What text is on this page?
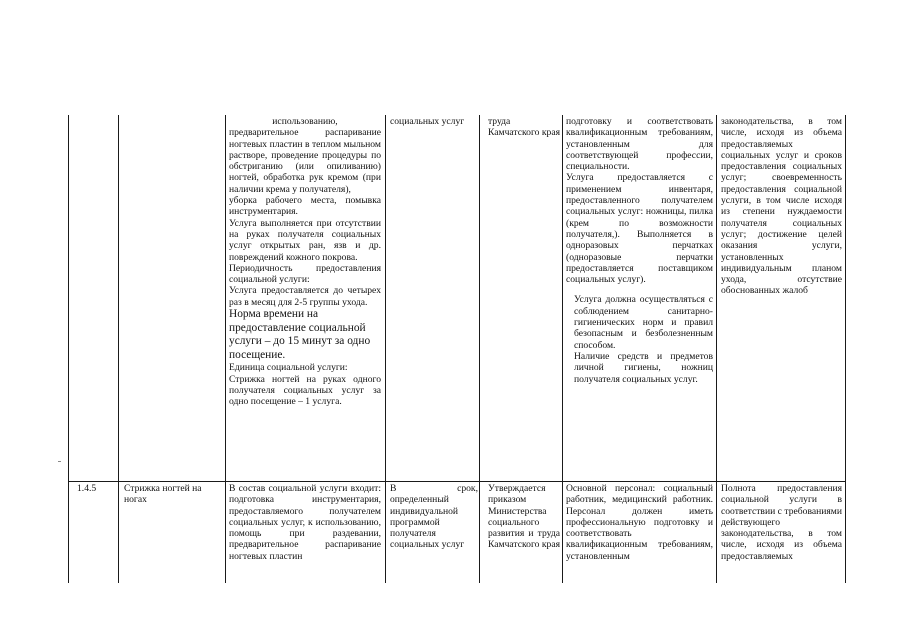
использованию,
предварительное распаривание ногтевых пластин в теплом мыльном растворе, проведение процедуры по обстриганию (или опиливанию) ногтей, обработка рук кремом (при наличии крема у получателя),
уборка рабочего места, помывка инструментария.
Услуга выполняется при отсутствии на руках получателя социальных услуг открытых ран, язв и др. повреждений кожного покрова.
Периодичность предоставления социальной услуги:
Услуга предоставляется до четырех раз в месяц для 2-5 группы ухода.
Норма времени на предоставление социальной услуги – до 15 минут за одно посещение.
Единица социальной услуги:
Стрижка ногтей на руках одного получателя социальных услуг за одно посещение – 1 услуга.
социальных услуг	труда Камчатского края
подготовку и соответствовать квалификационным требованиям, установленным для соответствующей профессии, специальности.
Услуга предоставляется с применением инвентаря, предоставленного получателем социальных услуг: ножницы, пилка (крем по возможности получателя,). Выполняется в одноразовых перчатках (одноразовые перчатки предоставляется поставщиком социальных услуг).
Услуга должна осуществляться с соблюдением санитарно-гигиенических норм и правил безопасным и безболезненным способом.
Наличие средств и предметов личной гигиены, ножниц получателя социальных услуг.
законодательства, в том числе, исходя из объема предоставляемых социальных услуг и сроков предоставления социальных услуг; своевременность предоставления социальной услуги, в том числе исходя из степени нуждаемости получателя социальных услуг; достижение целей оказания услуги, установленных индивидуальным планом ухода, отсутствие обоснованных жалоб
1.4.5	Стрижка ногтей на ногах
В состав социальной услуги входит: подготовка инструментария, предоставляемого получателем социальных услуг, к использованию, помощь при раздевании, предварительное распаривание ногтевых пластин
В срок, определенный индивидуальной программой получателя социальных услуг
Утверждается приказом Министерства социального развития и труда Камчатского края
Основной персонал: социальный работник, медицинский работник. Персонал должен иметь профессиональную подготовку и соответствовать квалификационным требованиям, установленным
Полнота предоставления социальной услуги в соответствии с требованиями действующего законодательства, в том числе, исходя из объема предоставляемых
